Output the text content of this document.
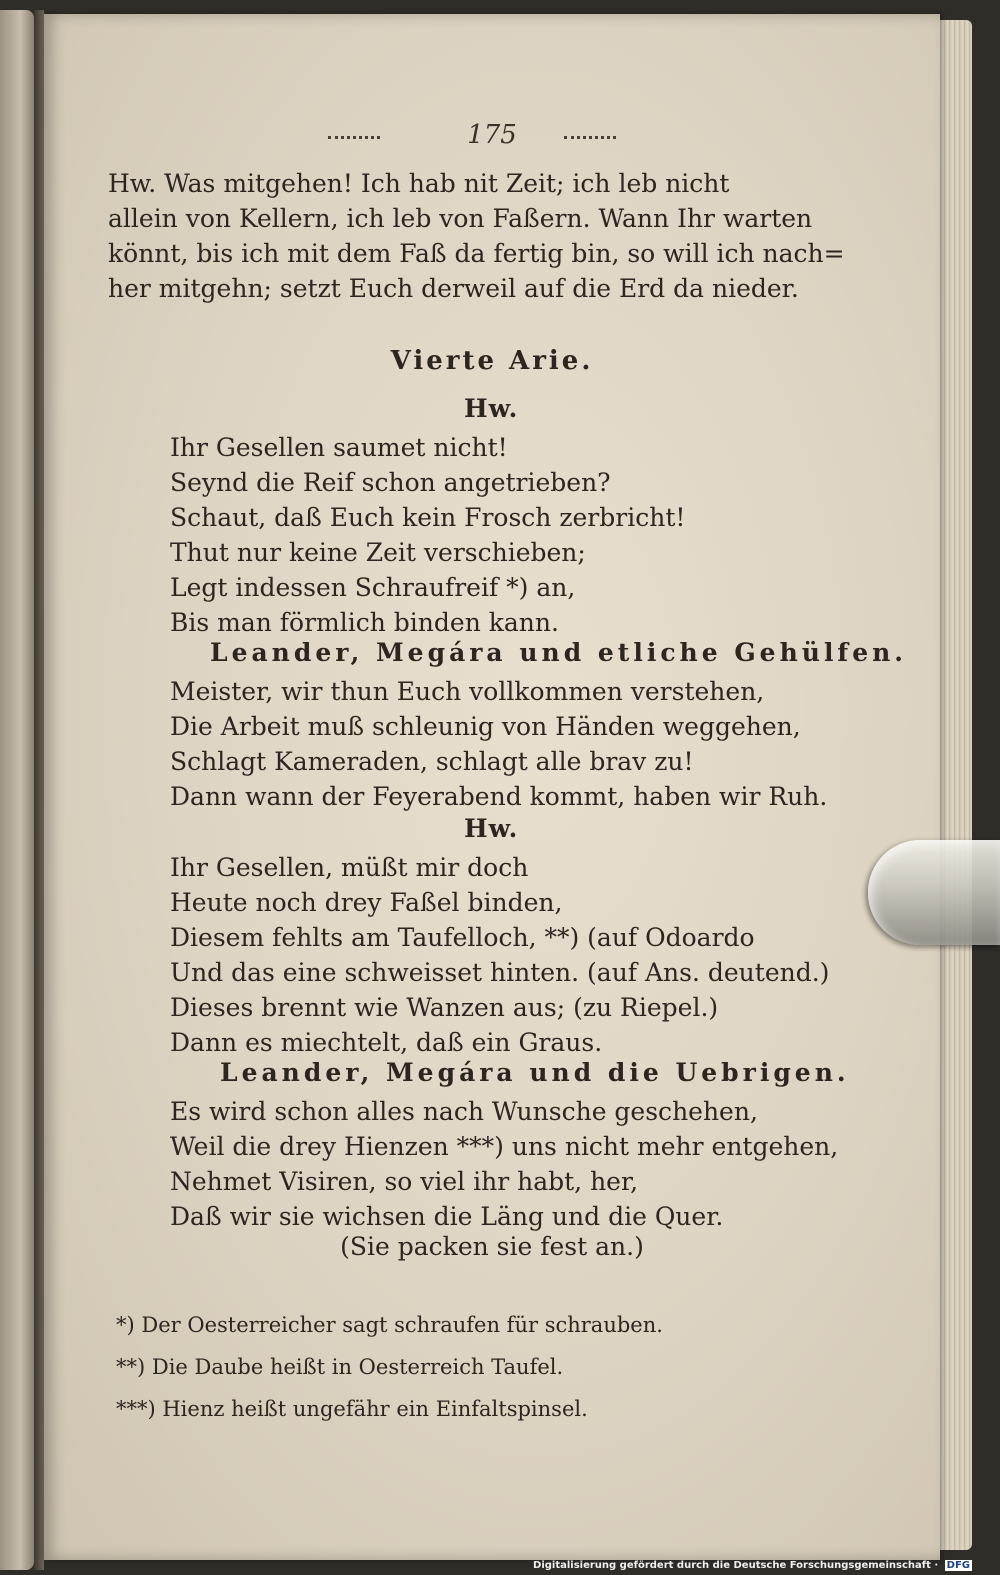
175
Hw. Was mitgehen! Ich hab nit Zeit; ich leb nicht
allein von Kellern, ich leb von Faßern. Wann Ihr warten
könnt, bis ich mit dem Faß da fertig bin, so will ich nach=
her mitgehn; setzt Euch derweil auf die Erd da nieder.
Vierte Arie.
Hw.
Ihr Gesellen saumet nicht!
Seynd die Reif schon angetrieben?
Schaut, daß Euch kein Frosch zerbricht!
Thut nur keine Zeit verschieben;
Legt indessen Schraufreif *) an,
Bis man förmlich binden kann.
Leander, Megára und etliche Gehülfen.
Meister, wir thun Euch vollkommen verstehen,
Die Arbeit muß schleunig von Händen weggehen,
Schlagt Kameraden, schlagt alle brav zu!
Dann wann der Feyerabend kommt, haben wir Ruh.
Hw.
Ihr Gesellen, müßt mir doch
Heute noch drey Faßel binden,
Diesem fehlts am Taufelloch, **) (auf Odoardo
Und das eine schweisset hinten. (auf Ans. deutend.)
Dieses brennt wie Wanzen aus; (zu Riepel.)
Dann es miechtelt, daß ein Graus.
Leander, Megára und die Uebrigen.
Es wird schon alles nach Wunsche geschehen,
Weil die drey Hienzen ***) uns nicht mehr entgehen,
Nehmet Visiren, so viel ihr habt, her,
Daß wir sie wichsen die Läng und die Quer.
(Sie packen sie fest an.)
*) Der Oesterreicher sagt schraufen für schrauben.
**) Die Daube heißt in Oesterreich Taufel.
***) Hienz heißt ungefähr ein Einfaltspinsel.
Digitalisierung gefördert durch die Deutsche Forschungsgemeinschaft · DFG
